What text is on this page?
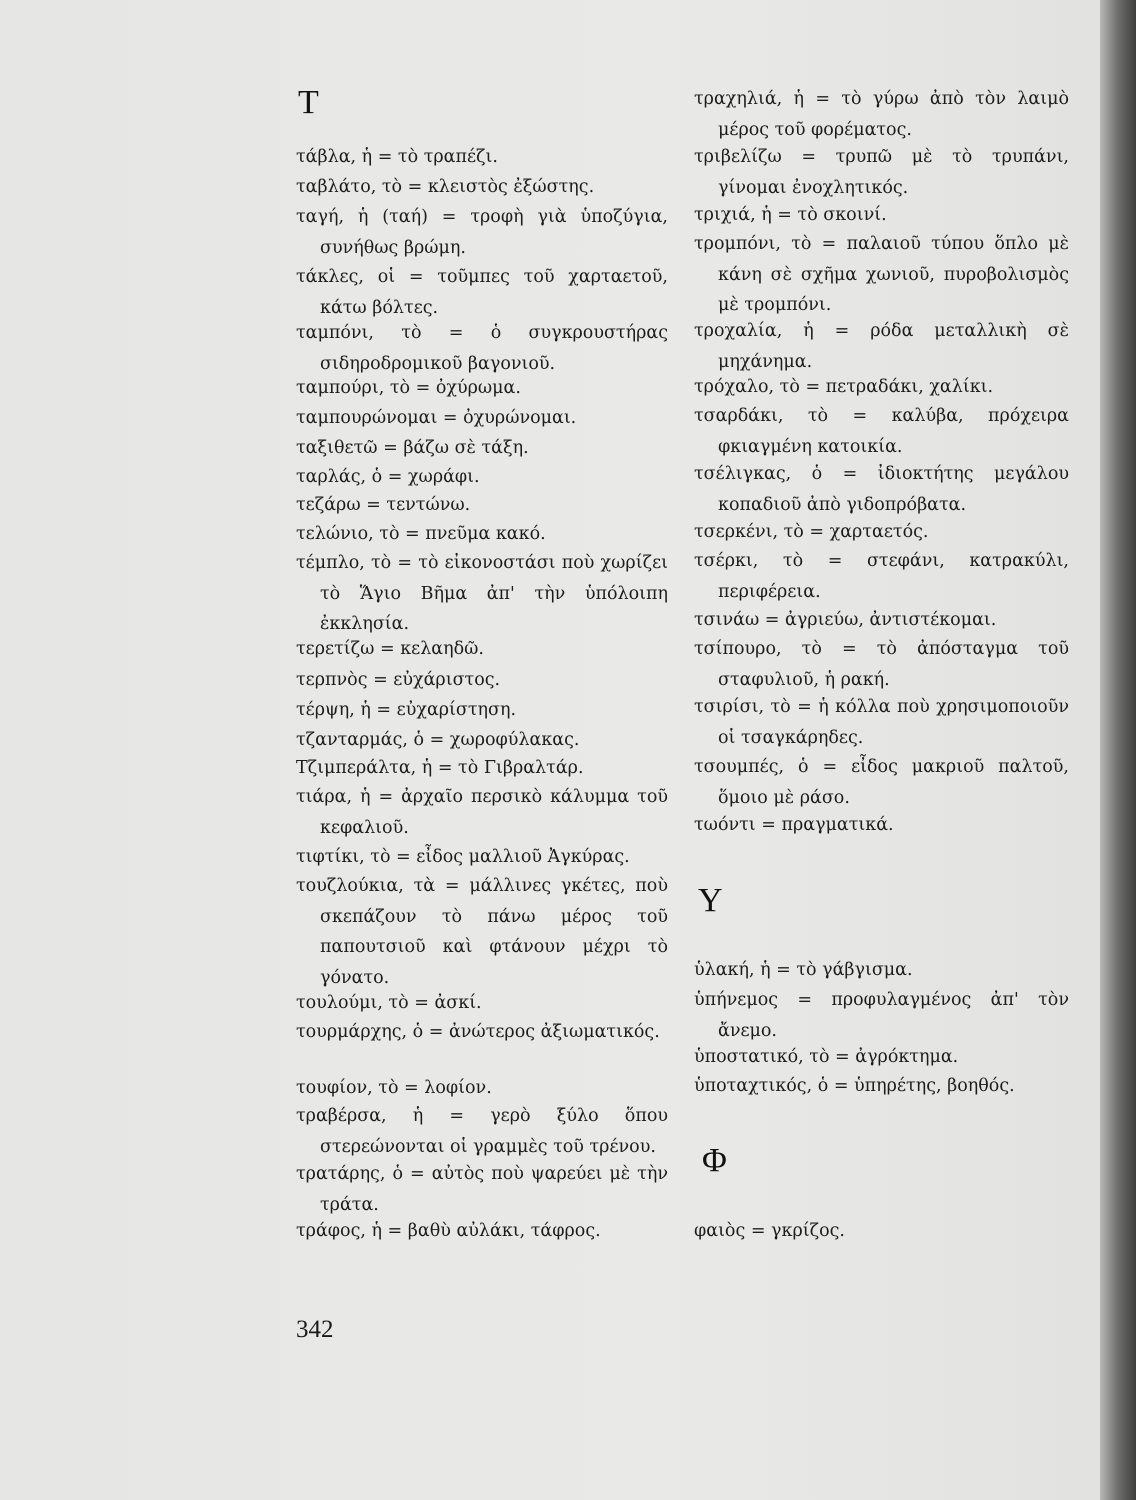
Τ
τάβλα, ἡ = τὸ τραπέζι.
ταβλάτο, τὸ = κλειστὸς ἐξώστης.
ταγή, ἡ (ταή) = τροφὴ γιὰ ὑποζύγια, συνήθως βρώμη.
τάκλες, οἱ = τοῦμπες τοῦ χαρταετοῦ, κάτω βόλτες.
ταμπόνι, τὸ = ὁ συγκρουστήρας σιδηροδρομικοῦ βαγονιοῦ.
ταμπούρι, τὸ = ὀχύρωμα.
ταμπουρώνομαι = ὀχυρώνομαι.
ταξιθετῶ = βάζω σὲ τάξη.
ταρλάς, ὁ = χωράφι.
τεζάρω = τεντώνω.
τελώνιο, τὸ = πνεῦμα κακό.
τέμπλο, τὸ = τὸ εἰκονοστάσι ποὺ χωρίζει τὸ Ἅγιο Βῆμα ἀπ' τὴν ὑπόλοιπη ἐκκλησία.
τερετίζω = κελαηδῶ.
τερπνὸς = εὐχάριστος.
τέρψη, ἡ = εὐχαρίστηση.
τζανταρμάς, ὁ = χωροφύλακας.
Τζιμπεράλτα, ἡ = τὸ Γιβραλτάρ.
τιάρα, ἡ = ἀρχαῖο περσικὸ κάλυμμα τοῦ κεφαλιοῦ.
τιφτίκι, τὸ = εἶδος μαλλιοῦ Ἀγκύρας.
τουζλούκια, τὰ = μάλλινες γκέτες, ποὺ σκεπάζουν τὸ πάνω μέρος τοῦ παπουτσιοῦ καὶ φτάνουν μέχρι τὸ γόνατο.
τουλούμι, τὸ = ἀσκί.
τουρμάρχης, ὁ = ἀνώτερος ἀξιωματικός.
τουφίον, τὸ = λοφίον.
τραβέρσα, ἡ = γερὸ ξύλο ὅπου στερεώνονται οἱ γραμμὲς τοῦ τρένου.
τρατάρης, ὁ = αὐτὸς ποὺ ψαρεύει μὲ τὴν τράτα.
τράφος, ἡ = βαθὺ αὐλάκι, τάφρος.
τραχηλιά, ἡ = τὸ γύρω ἀπὸ τὸν λαιμὸ μέρος τοῦ φορέματος.
τριβελίζω = τρυπῶ μὲ τὸ τρυπάνι, γίνομαι ἐνοχλητικός.
τριχιά, ἡ = τὸ σκοινί.
τρομπόνι, τὸ = παλαιοῦ τύπου ὅπλο μὲ κάνη σὲ σχῆμα χωνιοῦ, πυροβολισμὸς μὲ τρομπόνι.
τροχαλία, ἡ = ρόδα μεταλλικὴ σὲ μηχάνημα.
τρόχαλο, τὸ = πετραδάκι, χαλίκι.
τσαρδάκι, τὸ = καλύβα, πρόχειρα φκιαγμένη κατοικία.
τσέλιγκας, ὁ = ἰδιοκτήτης μεγάλου κοπαδιοῦ ἀπὸ γιδοπρόβατα.
τσερκένι, τὸ = χαρταετός.
τσέρκι, τὸ = στεφάνι, κατρακύλι, περιφέρεια.
τσινάω = ἀγριεύω, ἀντιστέκομαι.
τσίπουρο, τὸ = τὸ ἀπόσταγμα τοῦ σταφυλιοῦ, ἡ ρακή.
τσιρίσι, τὸ = ἡ κόλλα ποὺ χρησιμοποιοῦν οἱ τσαγκάρηδες.
τσουμπές, ὁ = εἶδος μακριοῦ παλτοῦ, ὅμοιο μὲ ράσο.
τωόντι = πραγματικά.
Υ
ὑλακή, ἡ = τὸ γάβγισμα.
ὑπήνεμος = προφυλαγμένος ἀπ' τὸν ἄνεμο.
ὑποστατικό, τὸ = ἀγρόκτημα.
ὑποταχτικός, ὁ = ὑπηρέτης, βοηθός.
Φ
φαιὸς = γκρίζος.
342
